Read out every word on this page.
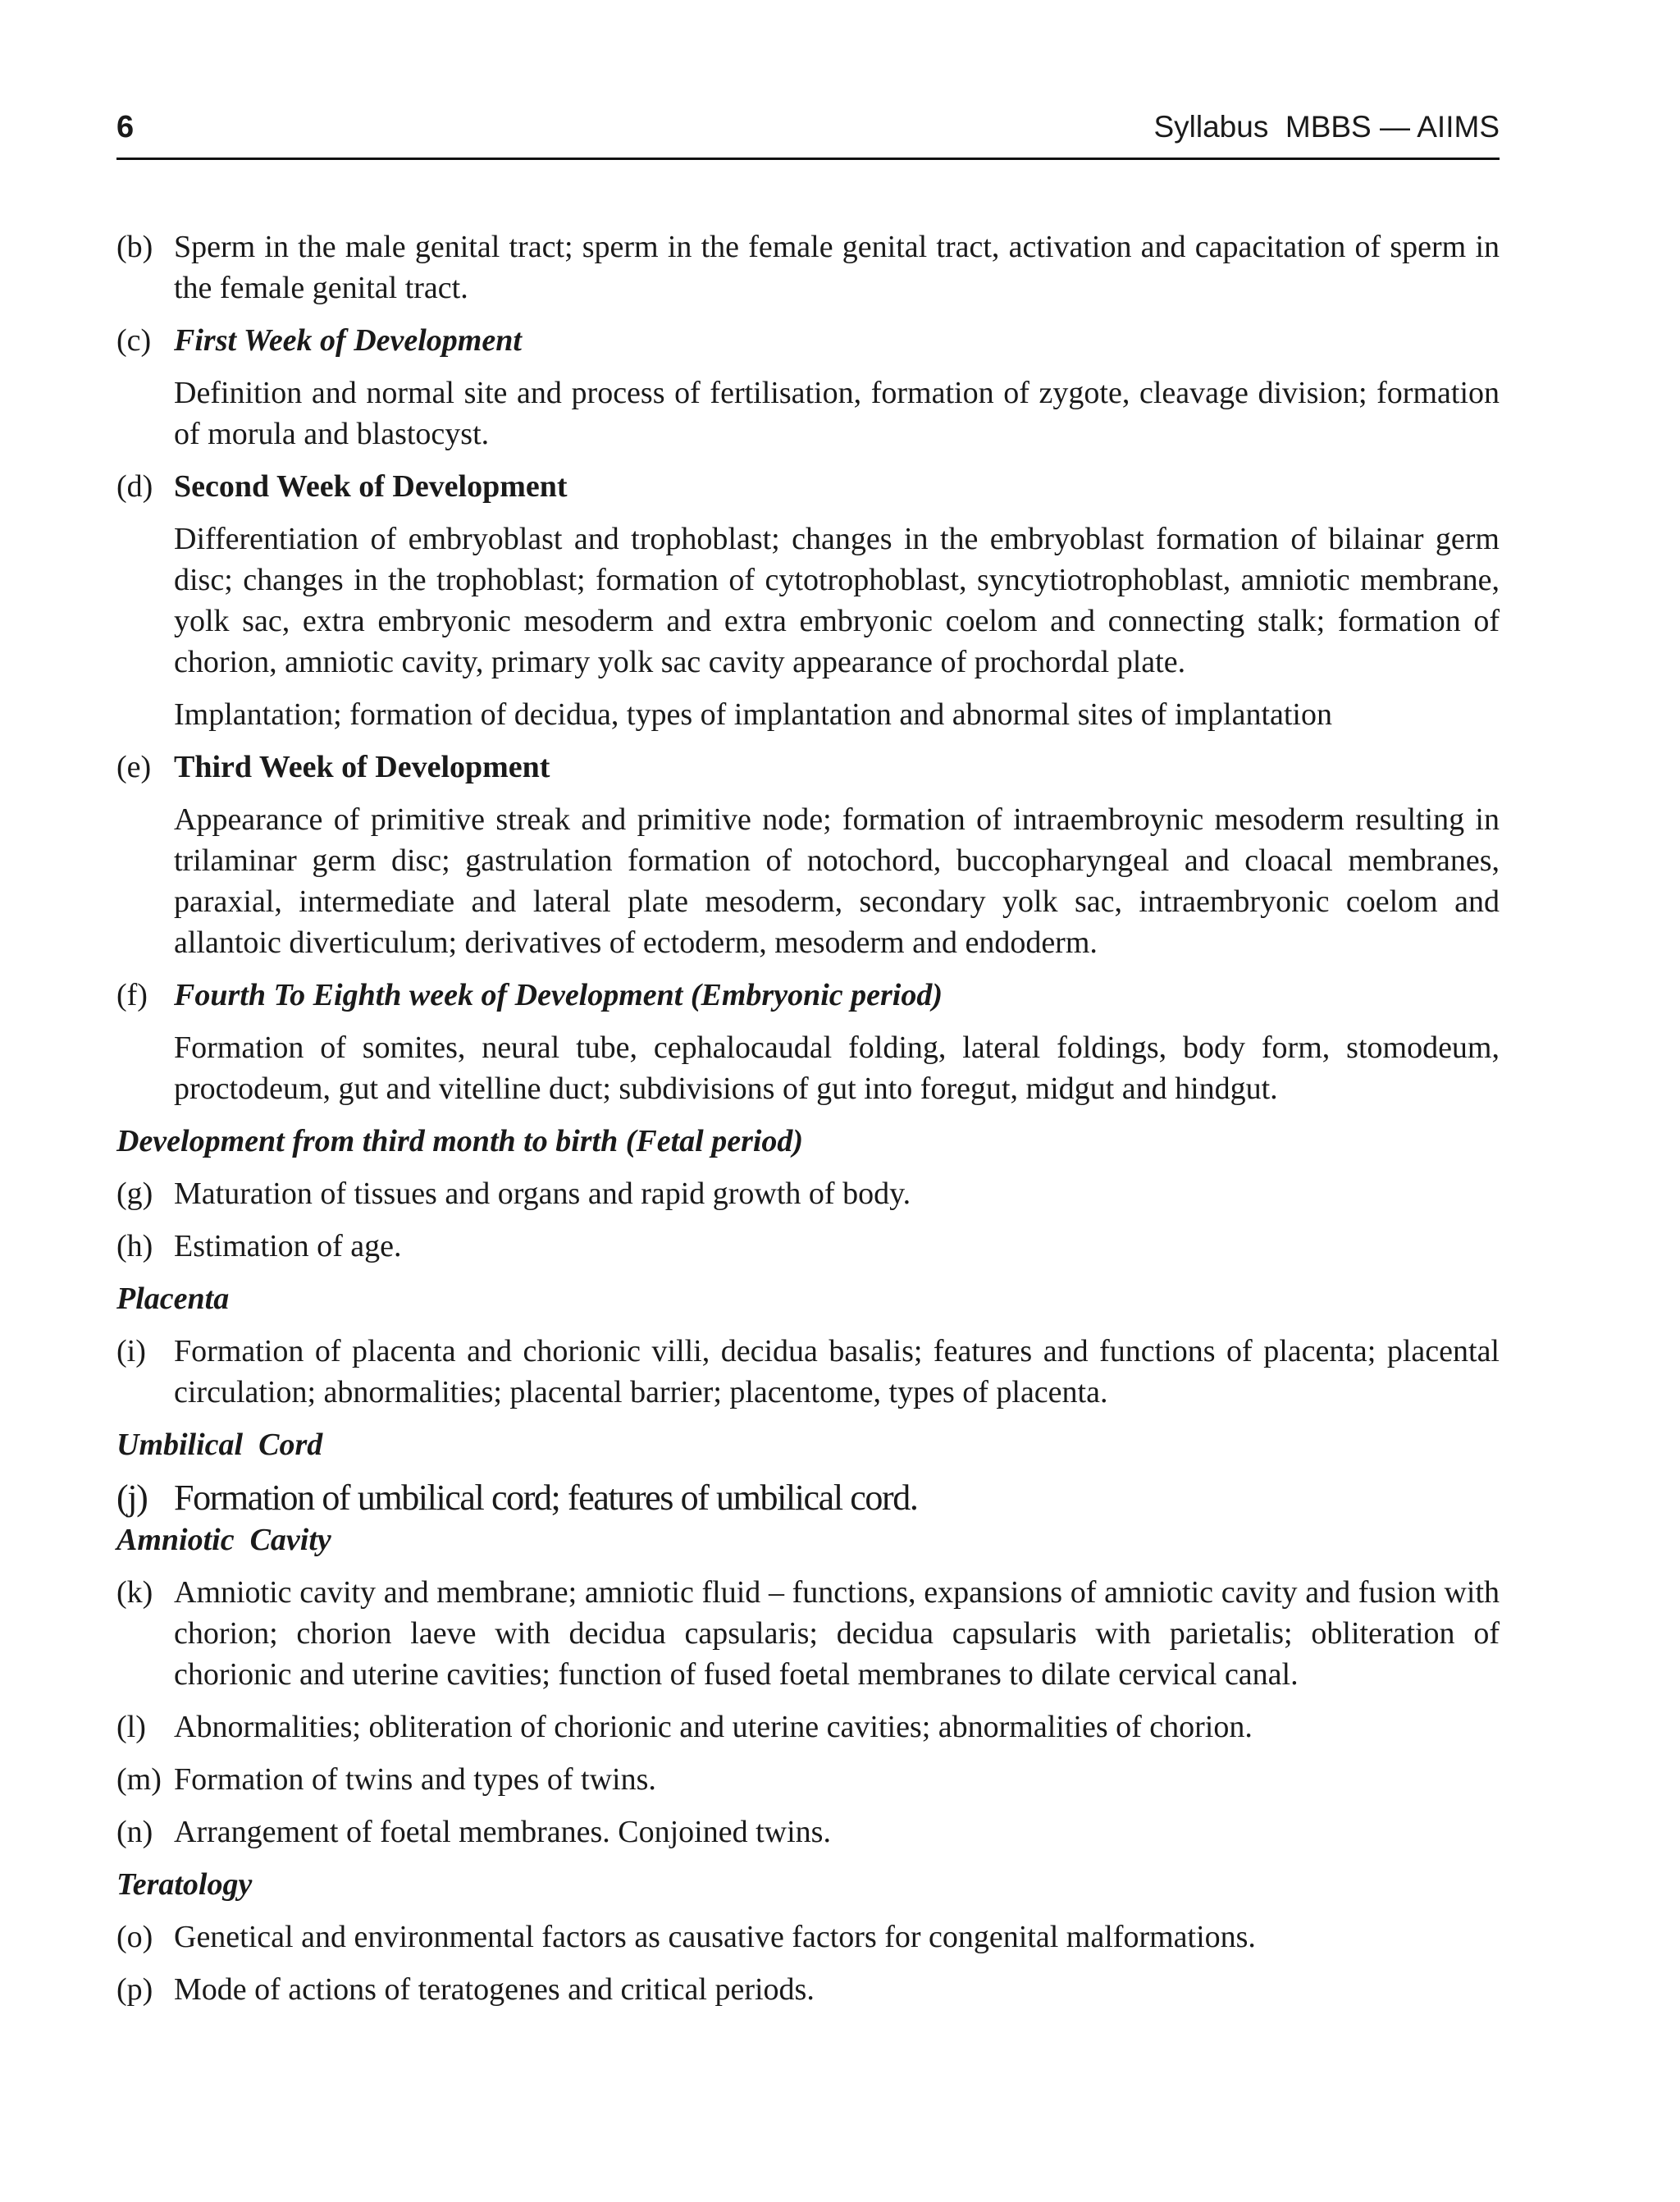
6	Syllabus  MBBS — AIIMS
(b) Sperm in the male genital tract; sperm in the female genital tract, activation and capacitation of sperm in the female genital tract.
(c) First Week of Development
Definition and normal site and process of fertilisation, formation of zygote, cleavage division; formation of morula and blastocyst.
(d) Second Week of Development
Differentiation of embryoblast and trophoblast; changes in the embryoblast formation of bilainar germ disc; changes in the trophoblast; formation of cytotrophoblast, syncytiotrophoblast, amniotic membrane, yolk sac, extra embryonic mesoderm and extra embryonic coelom and connecting stalk; formation of chorion, amniotic cavity, primary yolk sac cavity appearance of prochordal plate.
Implantation; formation of decidua, types of implantation and abnormal sites of implantation
(e) Third Week of Development
Appearance of primitive streak and primitive node; formation of intraembroynic mesoderm resulting in trilaminar germ disc; gastrulation formation of notochord, buccopharyngeal and cloacal membranes, paraxial, intermediate and lateral plate mesoderm, secondary yolk sac, intraembryonic coelom and allantoic diverticulum; derivatives of ectoderm, mesoderm and endoderm.
(f) Fourth To Eighth week of Development (Embryonic period)
Formation of somites, neural tube, cephalocaudal folding, lateral foldings, body form, stomodeum, proctodeum, gut and vitelline duct; subdivisions of gut into foregut, midgut and hindgut.
Development from third month to birth (Fetal period)
(g) Maturation of tissues and organs and rapid growth of body.
(h) Estimation of age.
Placenta
(i) Formation of placenta and chorionic villi, decidua basalis; features and functions of placenta; placental circulation; abnormalities; placental barrier; placentome, types of placenta.
Umbilical  Cord
(j) Formation of umbilical cord; features of umbilical cord.
Amniotic  Cavity
(k) Amniotic cavity and membrane; amniotic fluid – functions, expansions of amniotic cavity and fusion with chorion; chorion laeve with decidua capsularis; decidua capsularis with parietalis; obliteration of chorionic and uterine cavities; function of fused foetal membranes to dilate cervical canal.
(l) Abnormalities; obliteration of chorionic and uterine cavities; abnormalities of chorion.
(m) Formation of twins and types of twins.
(n) Arrangement of foetal membranes. Conjoined twins.
Teratology
(o) Genetical and environmental factors as causative factors for congenital malformations.
(p) Mode of actions of teratogenes and critical periods.
